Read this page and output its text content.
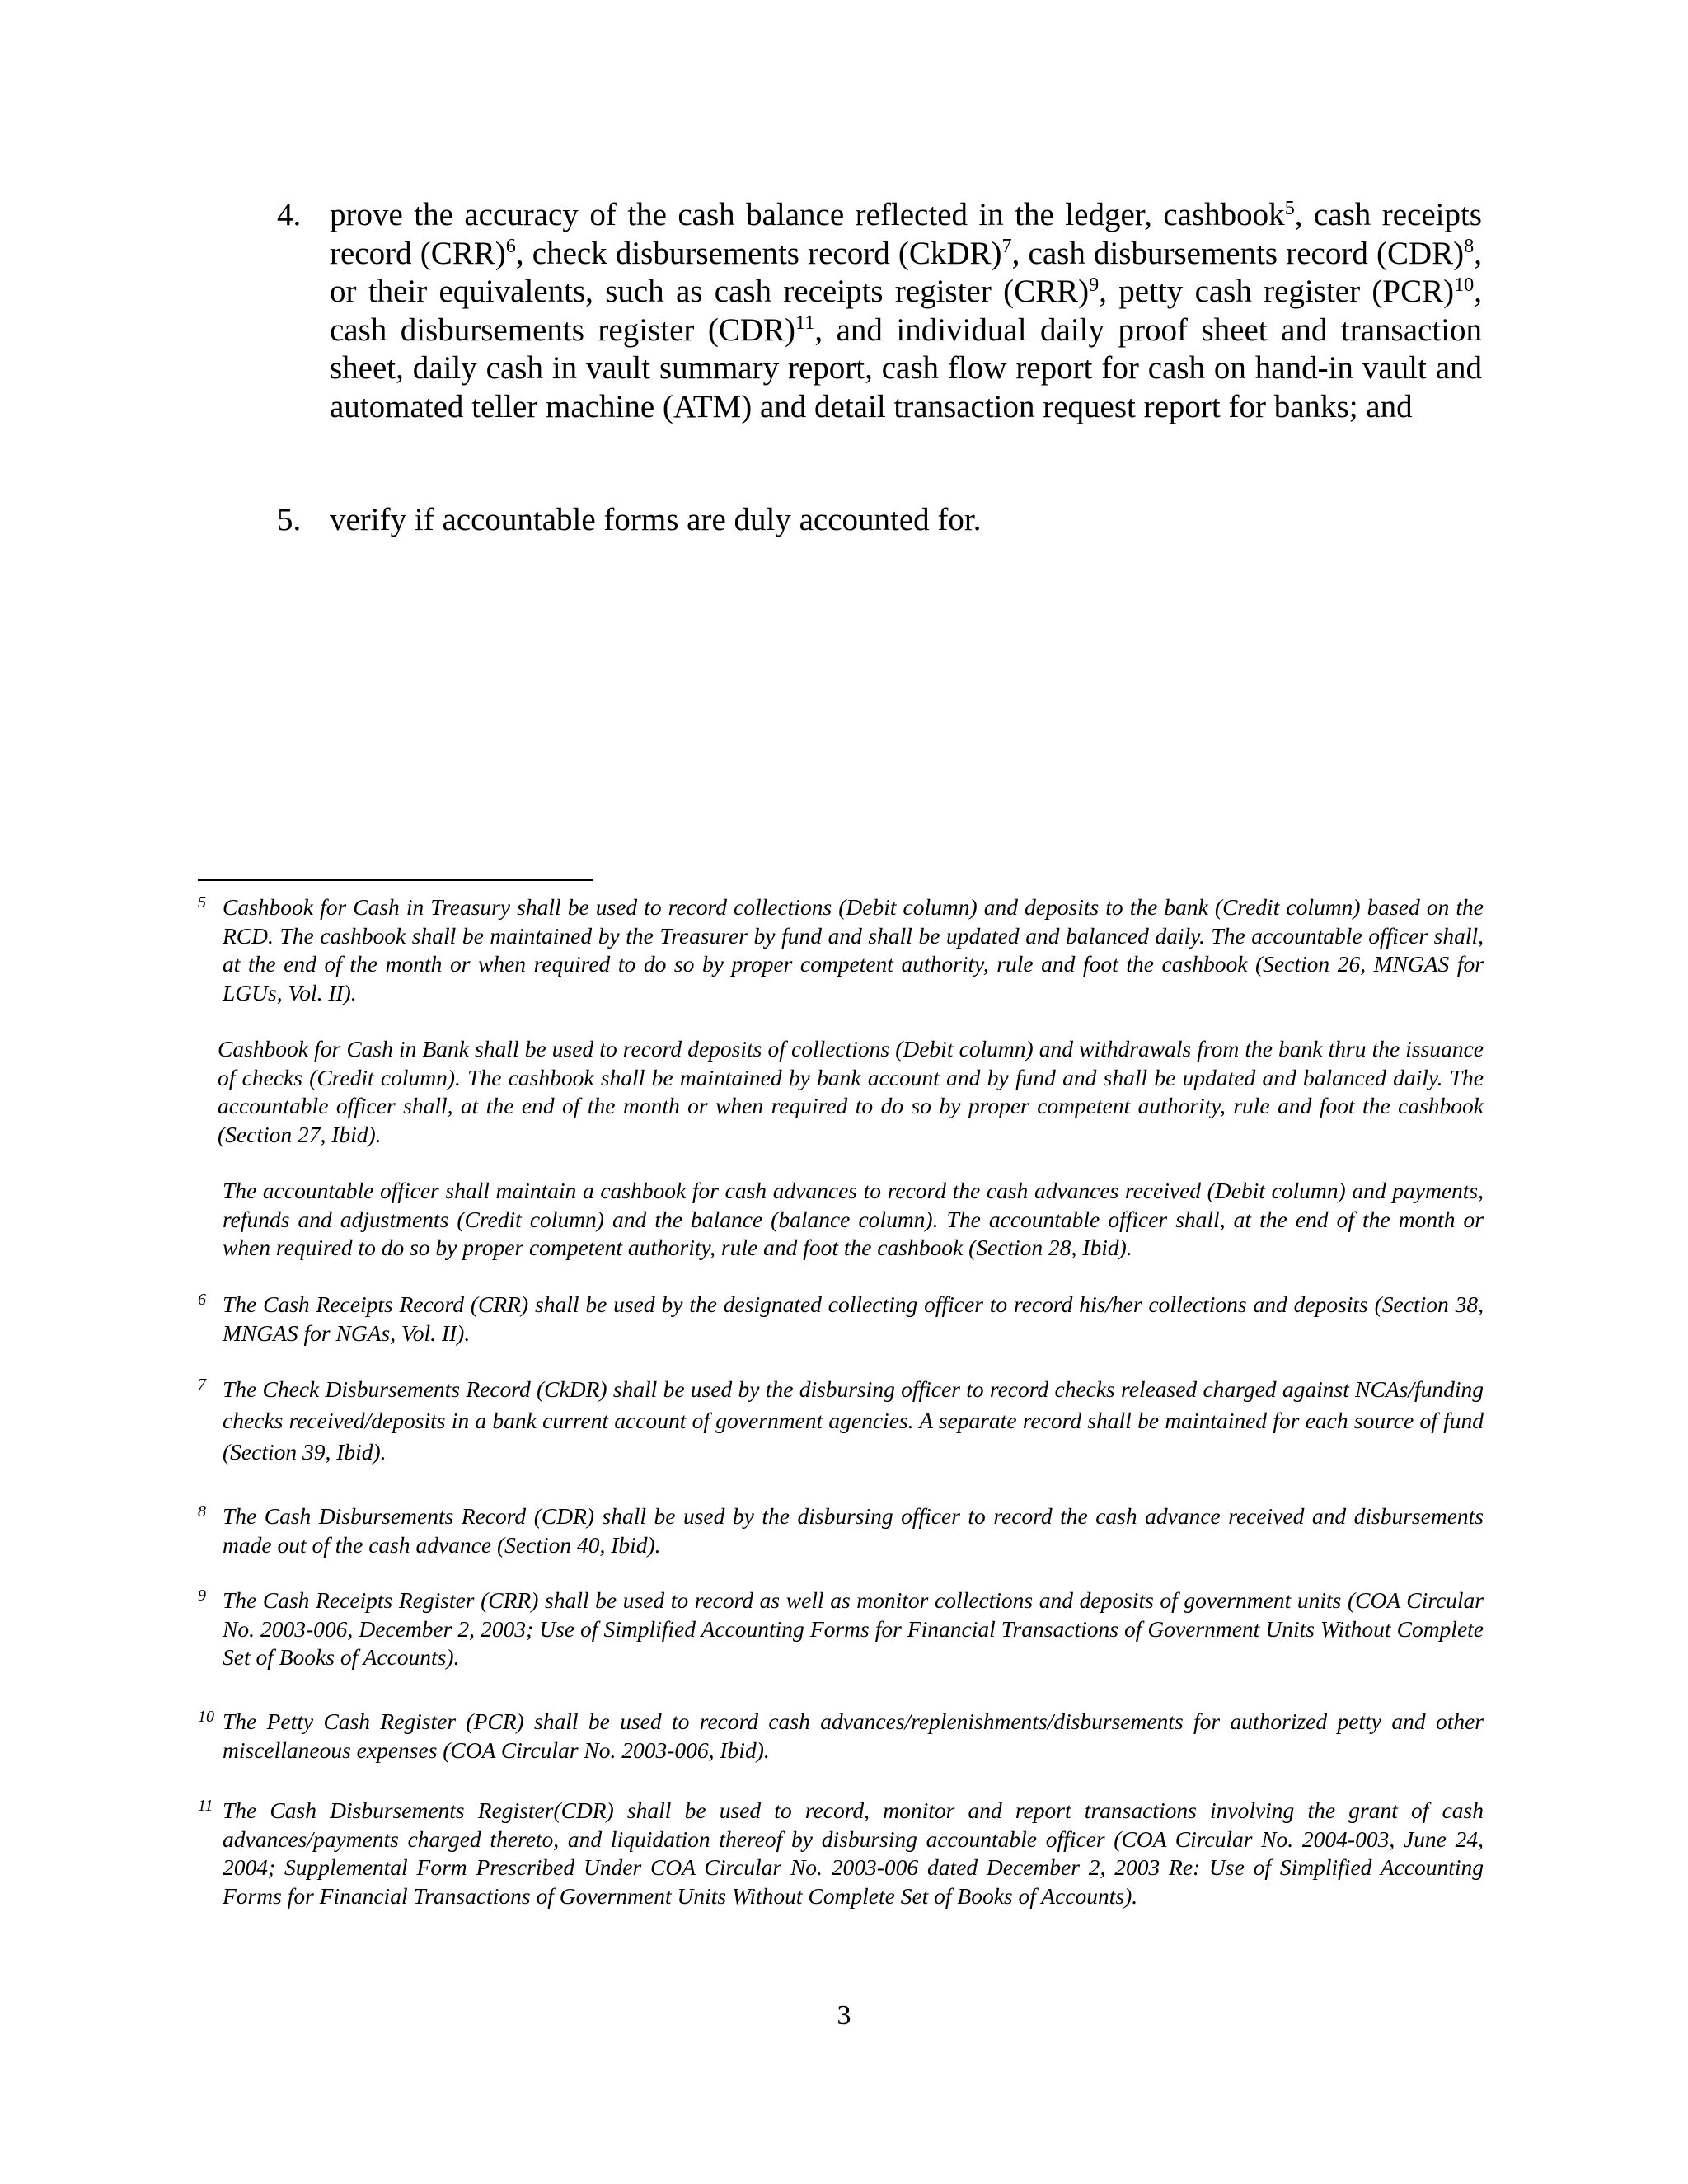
4. prove the accuracy of the cash balance reflected in the ledger, cashbook$^5$, cash receipts record (CRR)$^6$, check disbursements record (CkDR)$^7$, cash disbursements record (CDR)$^8$, or their equivalents, such as cash receipts register (CRR)$^9$, petty cash register (PCR)$^{10}$, cash disbursements register (CDR)$^{11}$, and individual daily proof sheet and transaction sheet, daily cash in vault summary report, cash flow report for cash on hand-in vault and automated teller machine (ATM) and detail transaction request report for banks; and
5. verify if accountable forms are duly accounted for.
5 Cashbook for Cash in Treasury shall be used to record collections (Debit column) and deposits to the bank (Credit column) based on the RCD. The cashbook shall be maintained by the Treasurer by fund and shall be updated and balanced daily. The accountable officer shall, at the end of the month or when required to do so by proper competent authority, rule and foot the cashbook (Section 26, MNGAS for LGUs, Vol. II).
Cashbook for Cash in Bank shall be used to record deposits of collections (Debit column) and withdrawals from the bank thru the issuance of checks (Credit column). The cashbook shall be maintained by bank account and by fund and shall be updated and balanced daily. The accountable officer shall, at the end of the month or when required to do so by proper competent authority, rule and foot the cashbook (Section 27, Ibid).
The accountable officer shall maintain a cashbook for cash advances to record the cash advances received (Debit column) and payments, refunds and adjustments (Credit column) and the balance (balance column). The accountable officer shall, at the end of the month or when required to do so by proper competent authority, rule and foot the cashbook (Section 28, Ibid).
6 The Cash Receipts Record (CRR) shall be used by the designated collecting officer to record his/her collections and deposits (Section 38, MNGAS for NGAs, Vol. II).
7 The Check Disbursements Record (CkDR) shall be used by the disbursing officer to record checks released charged against NCAs/funding checks received/deposits in a bank current account of government agencies. A separate record shall be maintained for each source of fund (Section 39, Ibid).
8 The Cash Disbursements Record (CDR) shall be used by the disbursing officer to record the cash advance received and disbursements made out of the cash advance (Section 40, Ibid).
9 The Cash Receipts Register (CRR) shall be used to record as well as monitor collections and deposits of government units (COA Circular No. 2003-006, December 2, 2003; Use of Simplified Accounting Forms for Financial Transactions of Government Units Without Complete Set of Books of Accounts).
10 The Petty Cash Register (PCR) shall be used to record cash advances/replenishments/disbursements for authorized petty and other miscellaneous expenses (COA Circular No. 2003-006, Ibid).
11 The Cash Disbursements Register(CDR) shall be used to record, monitor and report transactions involving the grant of cash advances/payments charged thereto, and liquidation thereof by disbursing accountable officer (COA Circular No. 2004-003, June 24, 2004; Supplemental Form Prescribed Under COA Circular No. 2003-006 dated December 2, 2003 Re: Use of Simplified Accounting Forms for Financial Transactions of Government Units Without Complete Set of Books of Accounts).
3
